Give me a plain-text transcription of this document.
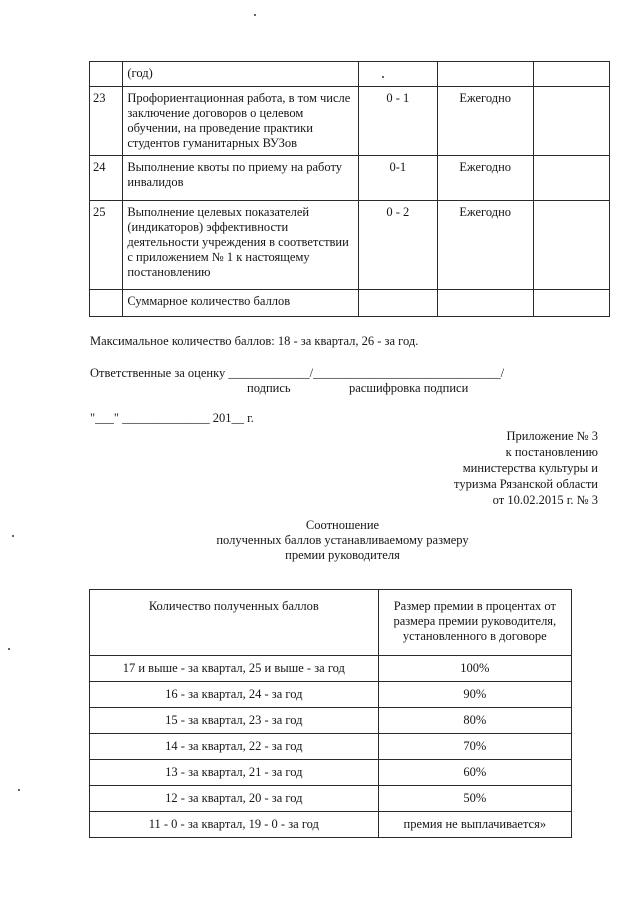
	(год)			
23	Профориентационная работа, в том числе заключение договоров о целевом обучении, на проведение практики студентов гуманитарных ВУЗов	0 - 1	Ежегодно	
24	Выполнение квоты по приему на работу инвалидов	0-1	Ежегодно	
25	Выполнение целевых показателей (индикаторов) эффективности деятельности учреждения в соответствии с приложением № 1 к настоящему постановлению	0 - 2	Ежегодно	
	Суммарное количество баллов			
Максимальное количество баллов: 18 - за квартал, 26 - за год.
Ответственные за оценку _____________/______________________________/
подпись	расшифровка подписи
"___" ______________ 201__ г.
Приложение № 3
к постановлению
министерства культуры и
туризма Рязанской области
от 10.02.2015 г. № 3
Соотношение
полученных баллов устанавливаемому размеру
премии руководителя
Количество полученных баллов	Размер премии в процентах от
размера премии руководителя,
установленного в договоре

17 и выше - за квартал, 25 и выше - за год	100%
16 - за квартал, 24 - за год	90%
15 - за квартал, 23 - за год	80%
14 - за квартал, 22 - за год	70%
13 - за квартал, 21 - за год	60%
12 - за квартал, 20 - за год	50%
11 - 0 - за квартал, 19 - 0 - за год	премия не выплачивается»
